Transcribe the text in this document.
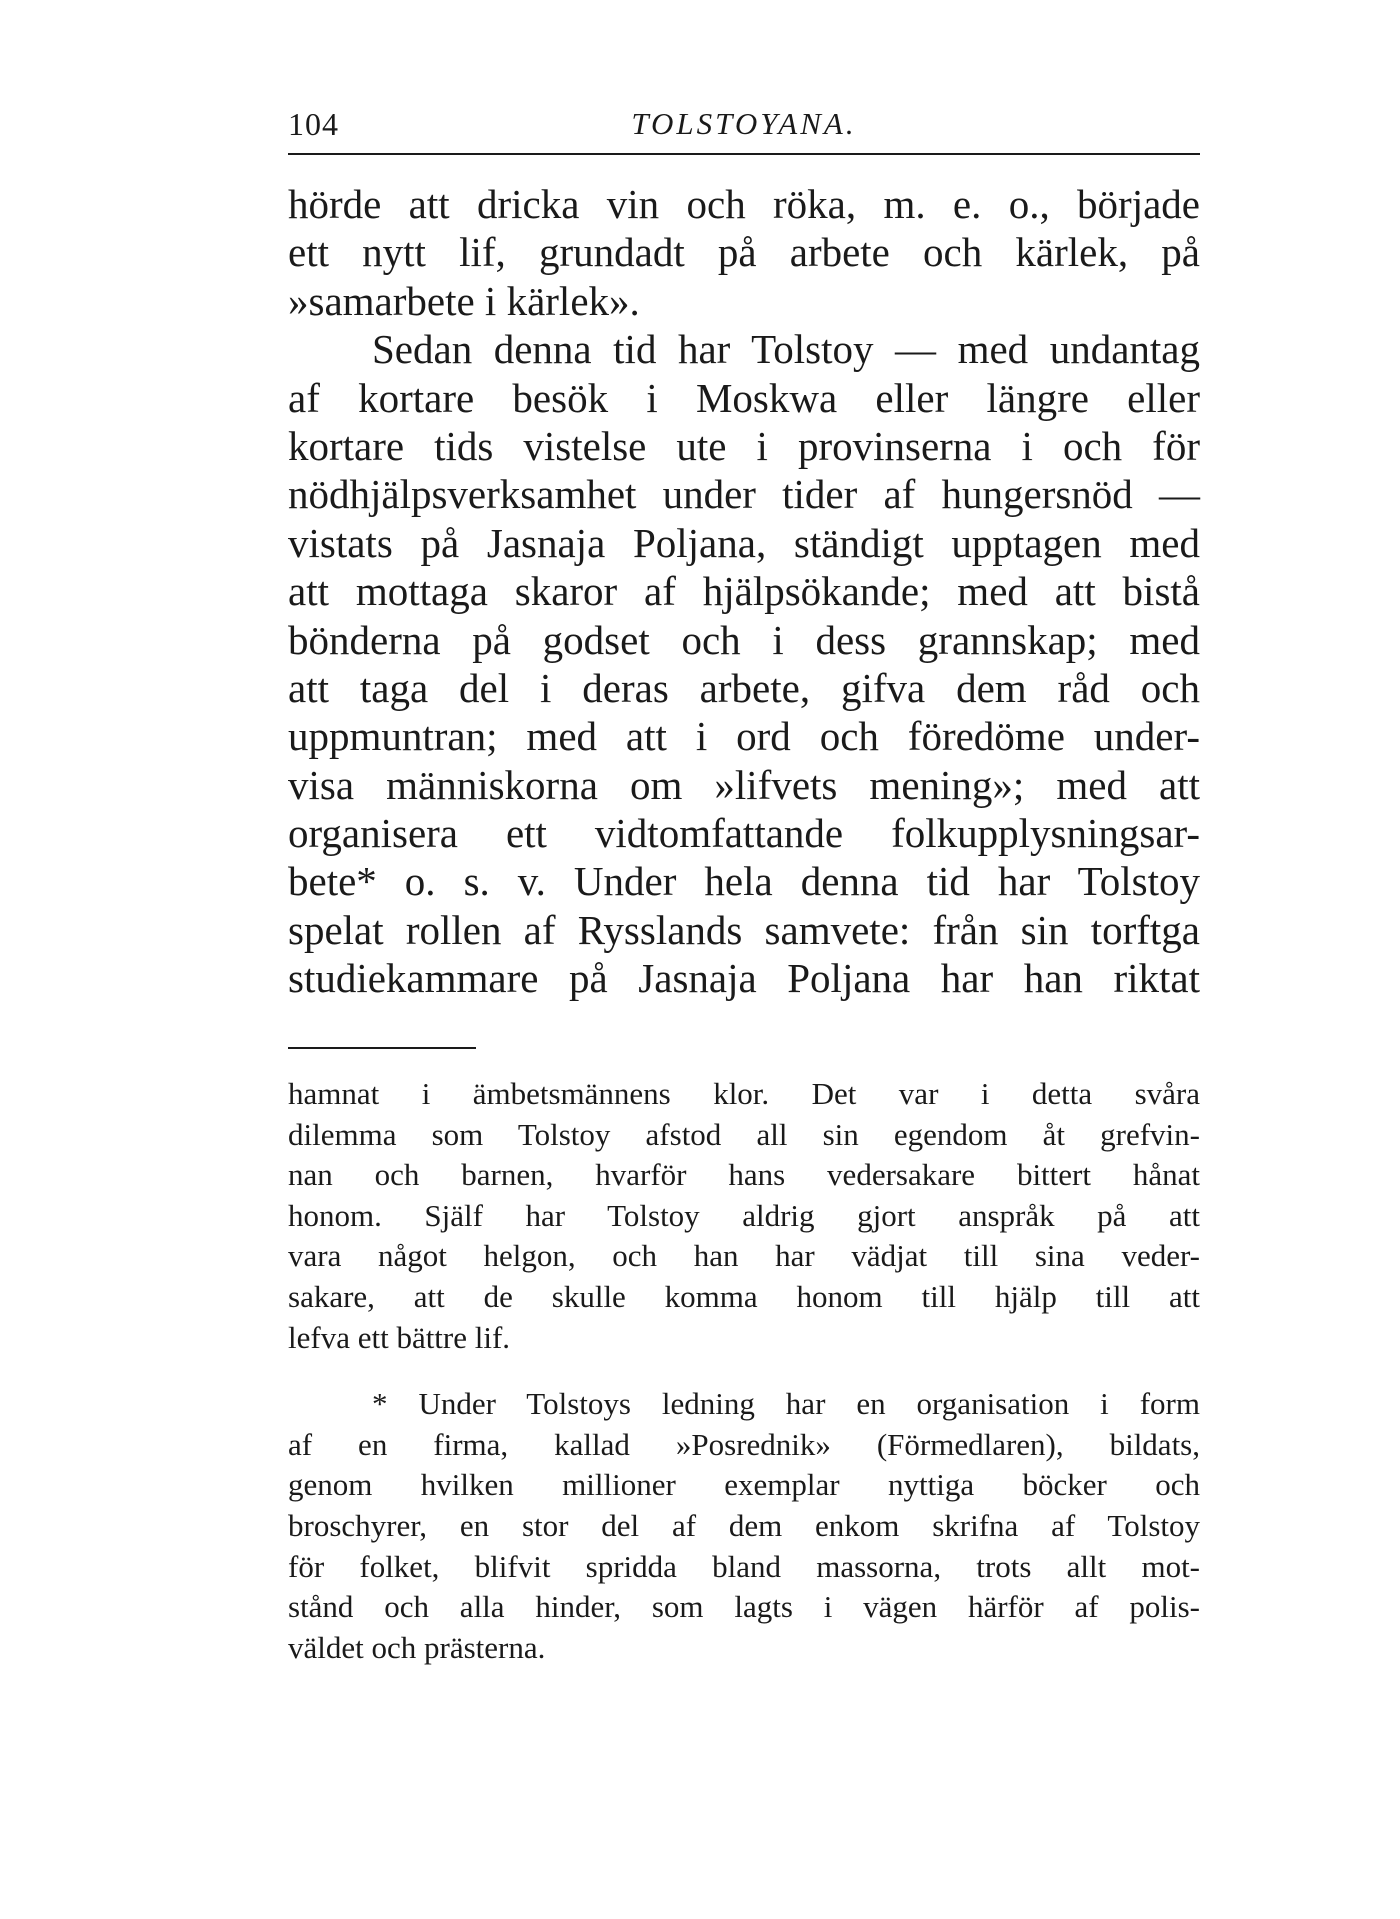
104	TOLSTOYANA.
hörde att dricka vin och röka, m. e. o., började
ett nytt lif, grundadt på arbete och kärlek, på
»samarbete i kärlek».
Sedan denna tid har Tolstoy — med undantag
af kortare besök i Moskwa eller längre eller
kortare tids vistelse ute i provinserna i och för
nödhjälpsverksamhet under tider af hungersnöd —
vistats på Jasnaja Poljana, ständigt upptagen med
att mottaga skaror af hjälpsökande; med att bistå
bönderna på godset och i dess grannskap; med
att taga del i deras arbete, gifva dem råd och
uppmuntran; med att i ord och föredöme under-
visa människorna om »lifvets mening»; med att
organisera ett vidtomfattande folkupplysningsar-
bete* o. s. v. Under hela denna tid har Tolstoy
spelat rollen af Rysslands samvete: från sin torftga
studiekammare på Jasnaja Poljana har han riktat
hamnat i ämbetsmännens klor. Det var i detta svåra
dilemma som Tolstoy afstod all sin egendom åt grefvin-
nan och barnen, hvarför hans vedersakare bittert hånat
honom. Själf har Tolstoy aldrig gjort anspråk på att
vara något helgon, och han har vädjat till sina veder-
sakare, att de skulle komma honom till hjälp till att
lefva ett bättre lif.
* Under Tolstoys ledning har en organisation i form
af en firma, kallad »Posrednik» (Förmedlaren), bildats,
genom hvilken millioner exemplar nyttiga böcker och
broschyrer, en stor del af dem enkom skrifna af Tolstoy
för folket, blifvit spridda bland massorna, trots allt mot-
stånd och alla hinder, som lagts i vägen härför af polis-
väldet och prästerna.
